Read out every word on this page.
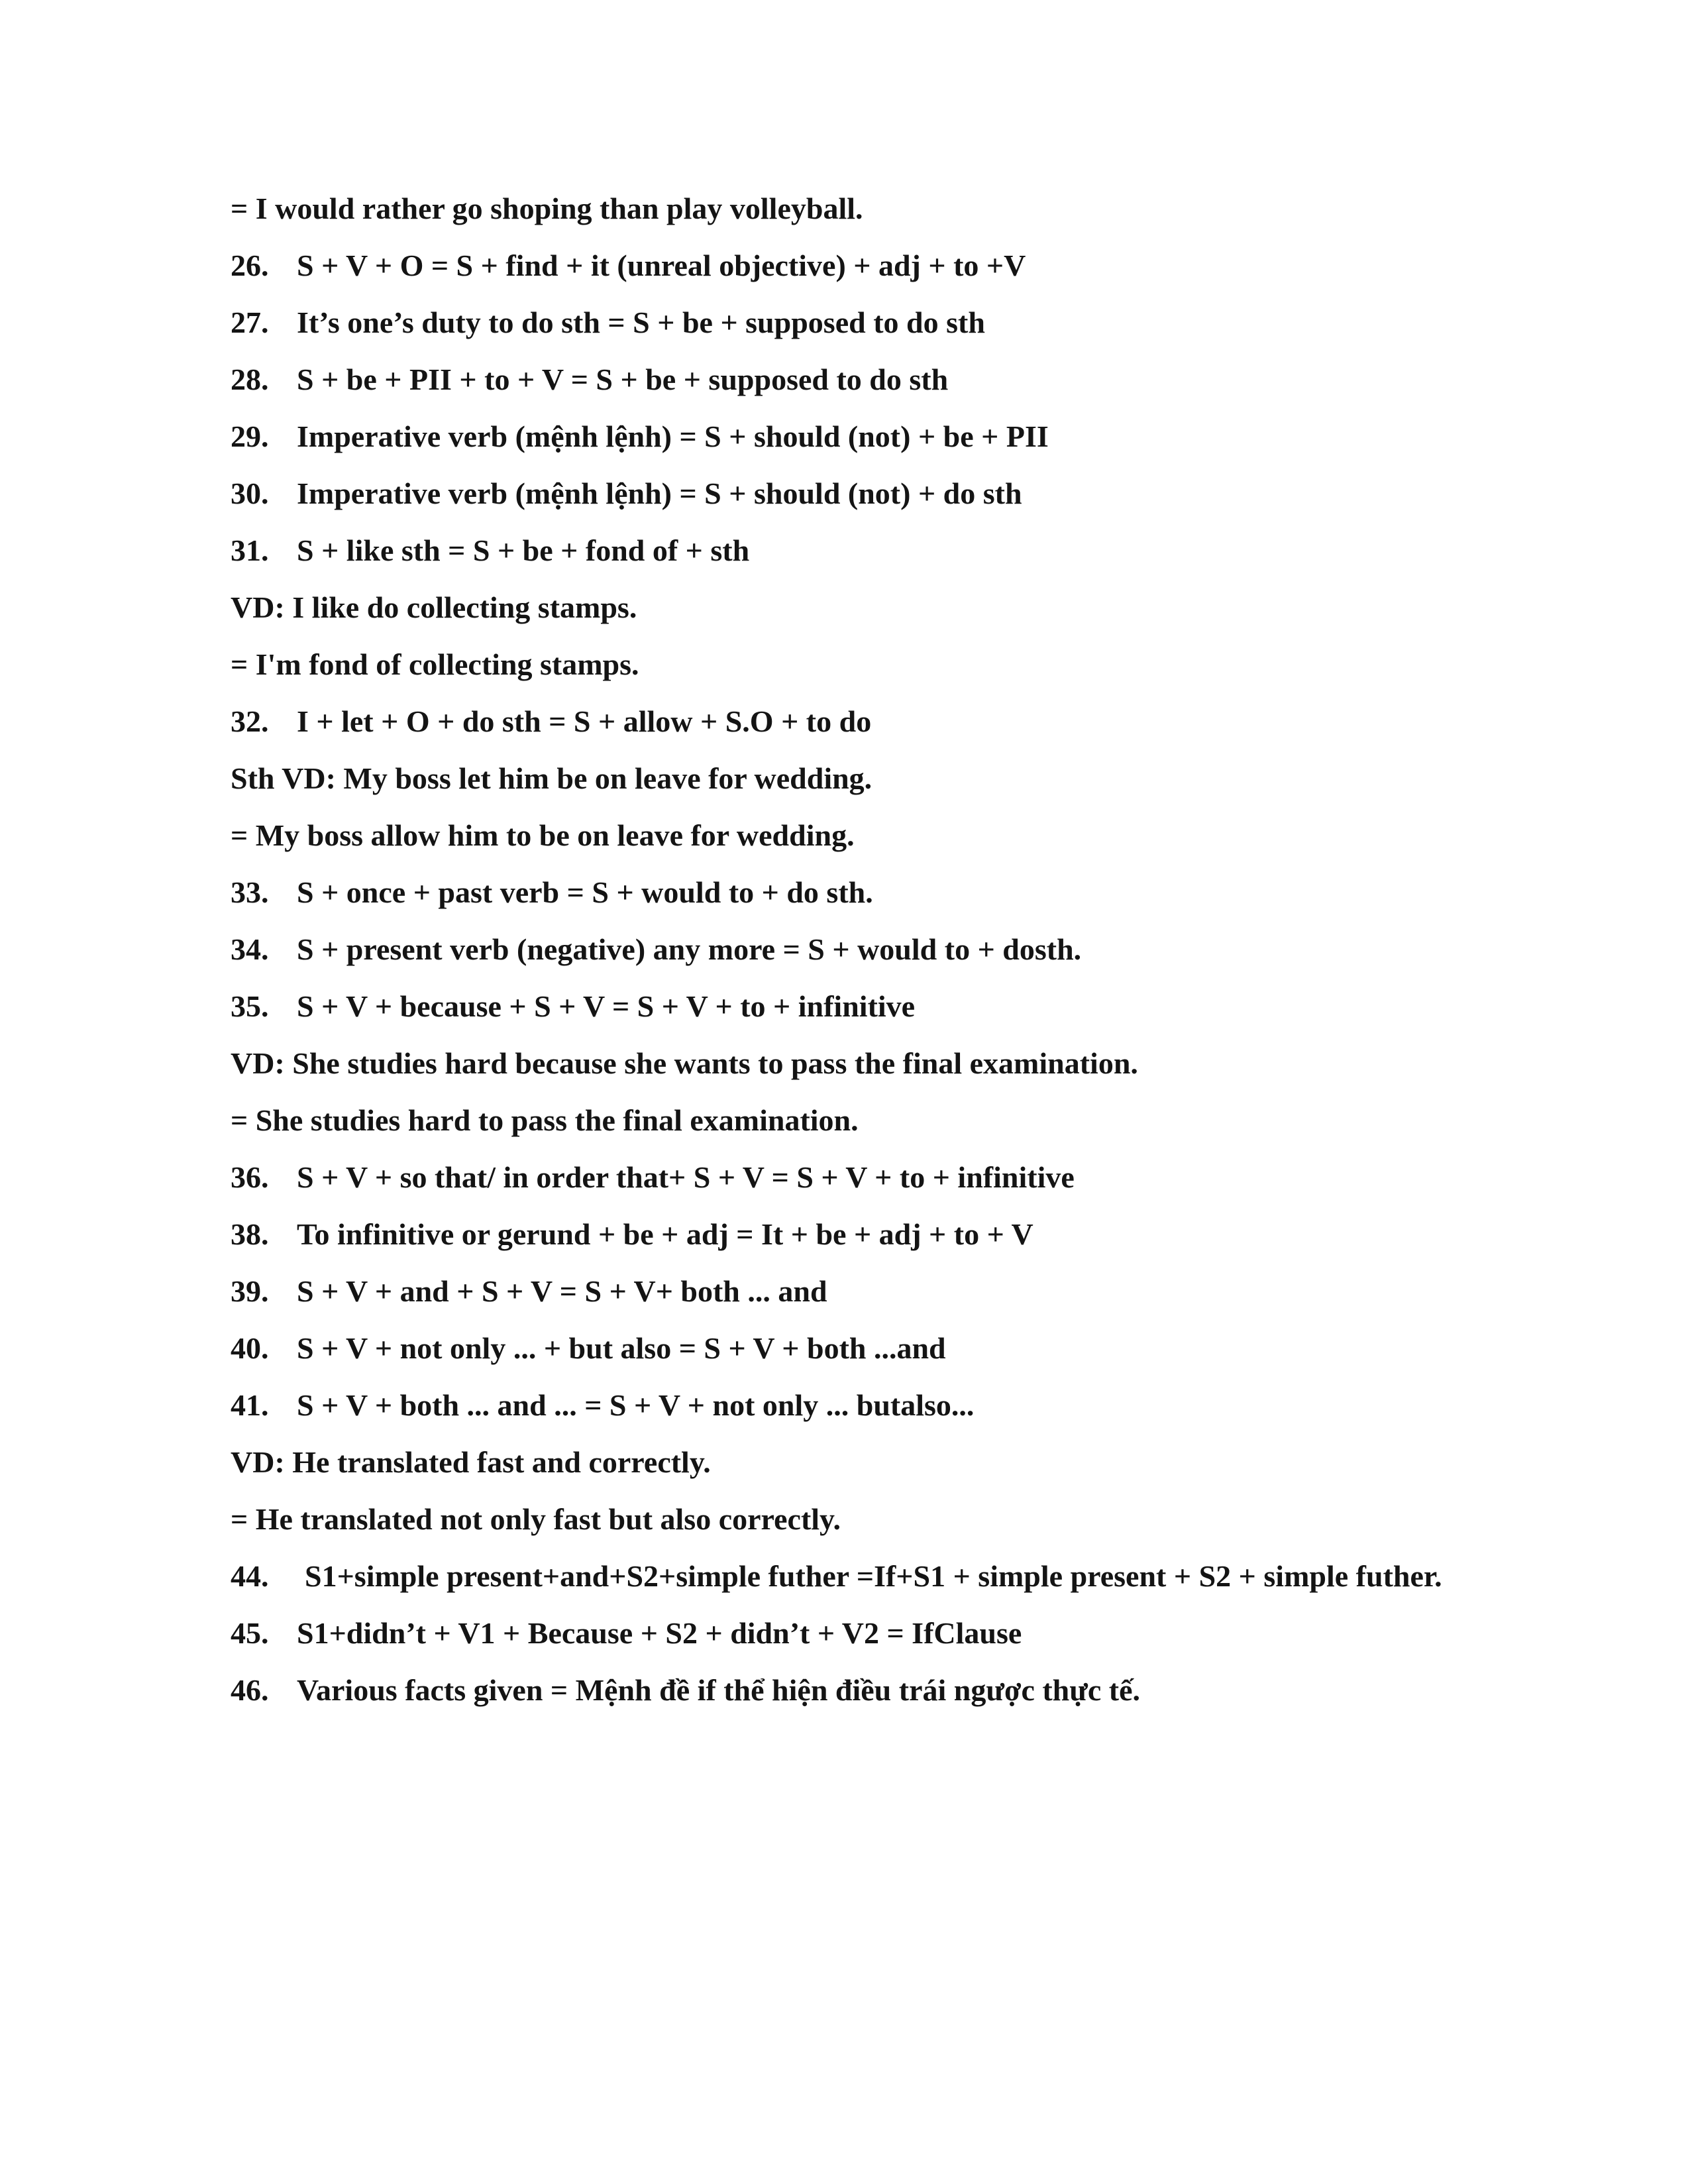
= I would rather go shoping than play volleyball.
26. S + V + O = S + find + it (unreal objective) + adj + to +V
27. It’s one’s duty to do sth = S + be + supposed to do sth
28. S + be + PII + to + V = S + be + supposed to do sth
29. Imperative verb (mệnh lệnh) = S + should (not) + be + PII
30. Imperative verb (mệnh lệnh) = S + should (not) + do sth
31. S + like sth = S + be + fond of + sth
VD: I like do collecting stamps.
= I'm fond of collecting stamps.
32. I + let + O + do sth = S + allow + S.O + to do
Sth VD: My boss let him be on leave for wedding.
= My boss allow him to be on leave for wedding.
33. S + once + past verb = S + would to + do sth.
34. S + present verb (negative) any more = S + would to + dosth.
35. S + V + because + S + V = S + V + to + infinitive
VD: She studies hard because she wants to pass the final examination.
= She studies hard to pass the final examination.
36. S + V + so that/ in order that+ S + V = S + V + to + infinitive
38. To infinitive or gerund + be + adj = It + be + adj + to + V
39. S + V + and + S + V = S + V+ both ... and
40. S + V + not only ... + but also = S + V + both ...and
41. S + V + both ... and ... = S + V + not only ... butalso...
VD: He translated fast and correctly.
= He translated not only fast but also correctly.
44. S1+simple present+and+S2+simple futher =If+S1 + simple present + S2 + simple futher.
45. S1+didn’t + V1 + Because + S2 + didn’t + V2 = IfClause
46. Various facts given = Mệnh đề if thể hiện điều trái ngược thực tế.
